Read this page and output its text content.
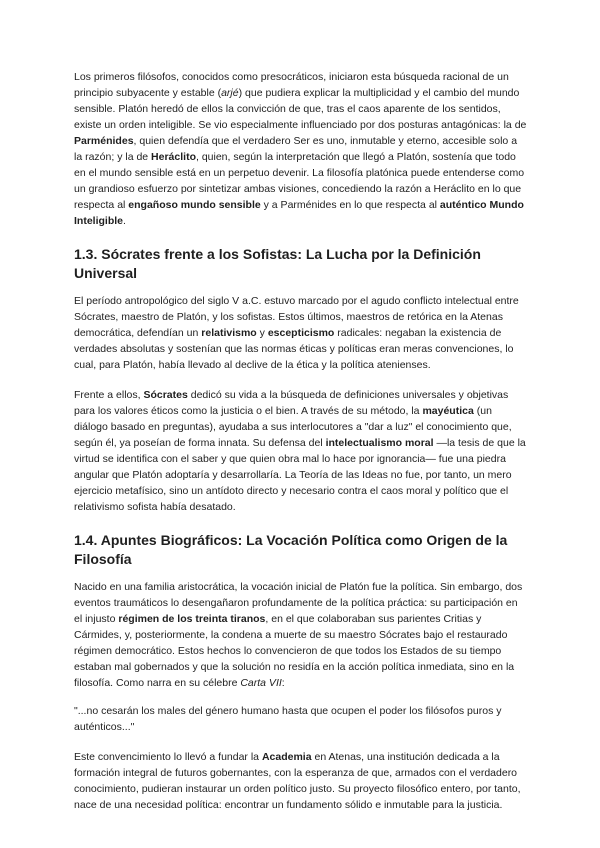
Los primeros filósofos, conocidos como presocráticos, iniciaron esta búsqueda racional de un principio subyacente y estable (arjé) que pudiera explicar la multiplicidad y el cambio del mundo sensible. Platón heredó de ellos la convicción de que, tras el caos aparente de los sentidos, existe un orden inteligible. Se vio especialmente influenciado por dos posturas antagónicas: la de Parménides, quien defendía que el verdadero Ser es uno, inmutable y eterno, accesible solo a la razón; y la de Heráclito, quien, según la interpretación que llegó a Platón, sostenía que todo en el mundo sensible está en un perpetuo devenir. La filosofía platónica puede entenderse como un grandioso esfuerzo por sintetizar ambas visiones, concediendo la razón a Heráclito en lo que respecta al engañoso mundo sensible y a Parménides en lo que respecta al auténtico Mundo Inteligible.

1.3. Sócrates frente a los Sofistas: La Lucha por la Definición Universal

El período antropológico del siglo V a.C. estuvo marcado por el agudo conflicto intelectual entre Sócrates, maestro de Platón, y los sofistas. Estos últimos, maestros de retórica en la Atenas democrática, defendían un relativismo y escepticismo radicales: negaban la existencia de verdades absolutas y sostenían que las normas éticas y políticas eran meras convenciones, lo cual, para Platón, había llevado al declive de la ética y la política atenienses.

Frente a ellos, Sócrates dedicó su vida a la búsqueda de definiciones universales y objetivas para los valores éticos como la justicia o el bien. A través de su método, la mayéutica (un diálogo basado en preguntas), ayudaba a sus interlocutores a "dar a luz" el conocimiento que, según él, ya poseían de forma innata. Su defensa del intelectualismo moral —la tesis de que la virtud se identifica con el saber y que quien obra mal lo hace por ignorancia— fue una piedra angular que Platón adoptaría y desarrollaría. La Teoría de las Ideas no fue, por tanto, un mero ejercicio metafísico, sino un antídoto directo y necesario contra el caos moral y político que el relativismo sofista había desatado.

1.4. Apuntes Biográficos: La Vocación Política como Origen de la Filosofía

Nacido en una familia aristocrática, la vocación inicial de Platón fue la política. Sin embargo, dos eventos traumáticos lo desengañaron profundamente de la política práctica: su participación en el injusto régimen de los treinta tiranos, en el que colaboraban sus parientes Critias y Cármides, y, posteriormente, la condena a muerte de su maestro Sócrates bajo el restaurado régimen democrático. Estos hechos lo convencieron de que todos los Estados de su tiempo estaban mal gobernados y que la solución no residía en la acción política inmediata, sino en la filosofía. Como narra en su célebre Carta VII:

"...no cesarán los males del género humano hasta que ocupen el poder los filósofos puros y auténticos..."

Este convencimiento lo llevó a fundar la Academia en Atenas, una institución dedicada a la formación integral de futuros gobernantes, con la esperanza de que, armados con el verdadero conocimiento, pudieran instaurar un orden político justo. Su proyecto filosófico entero, por tanto, nace de una necesidad política: encontrar un fundamento sólido e inmutable para la justicia.
